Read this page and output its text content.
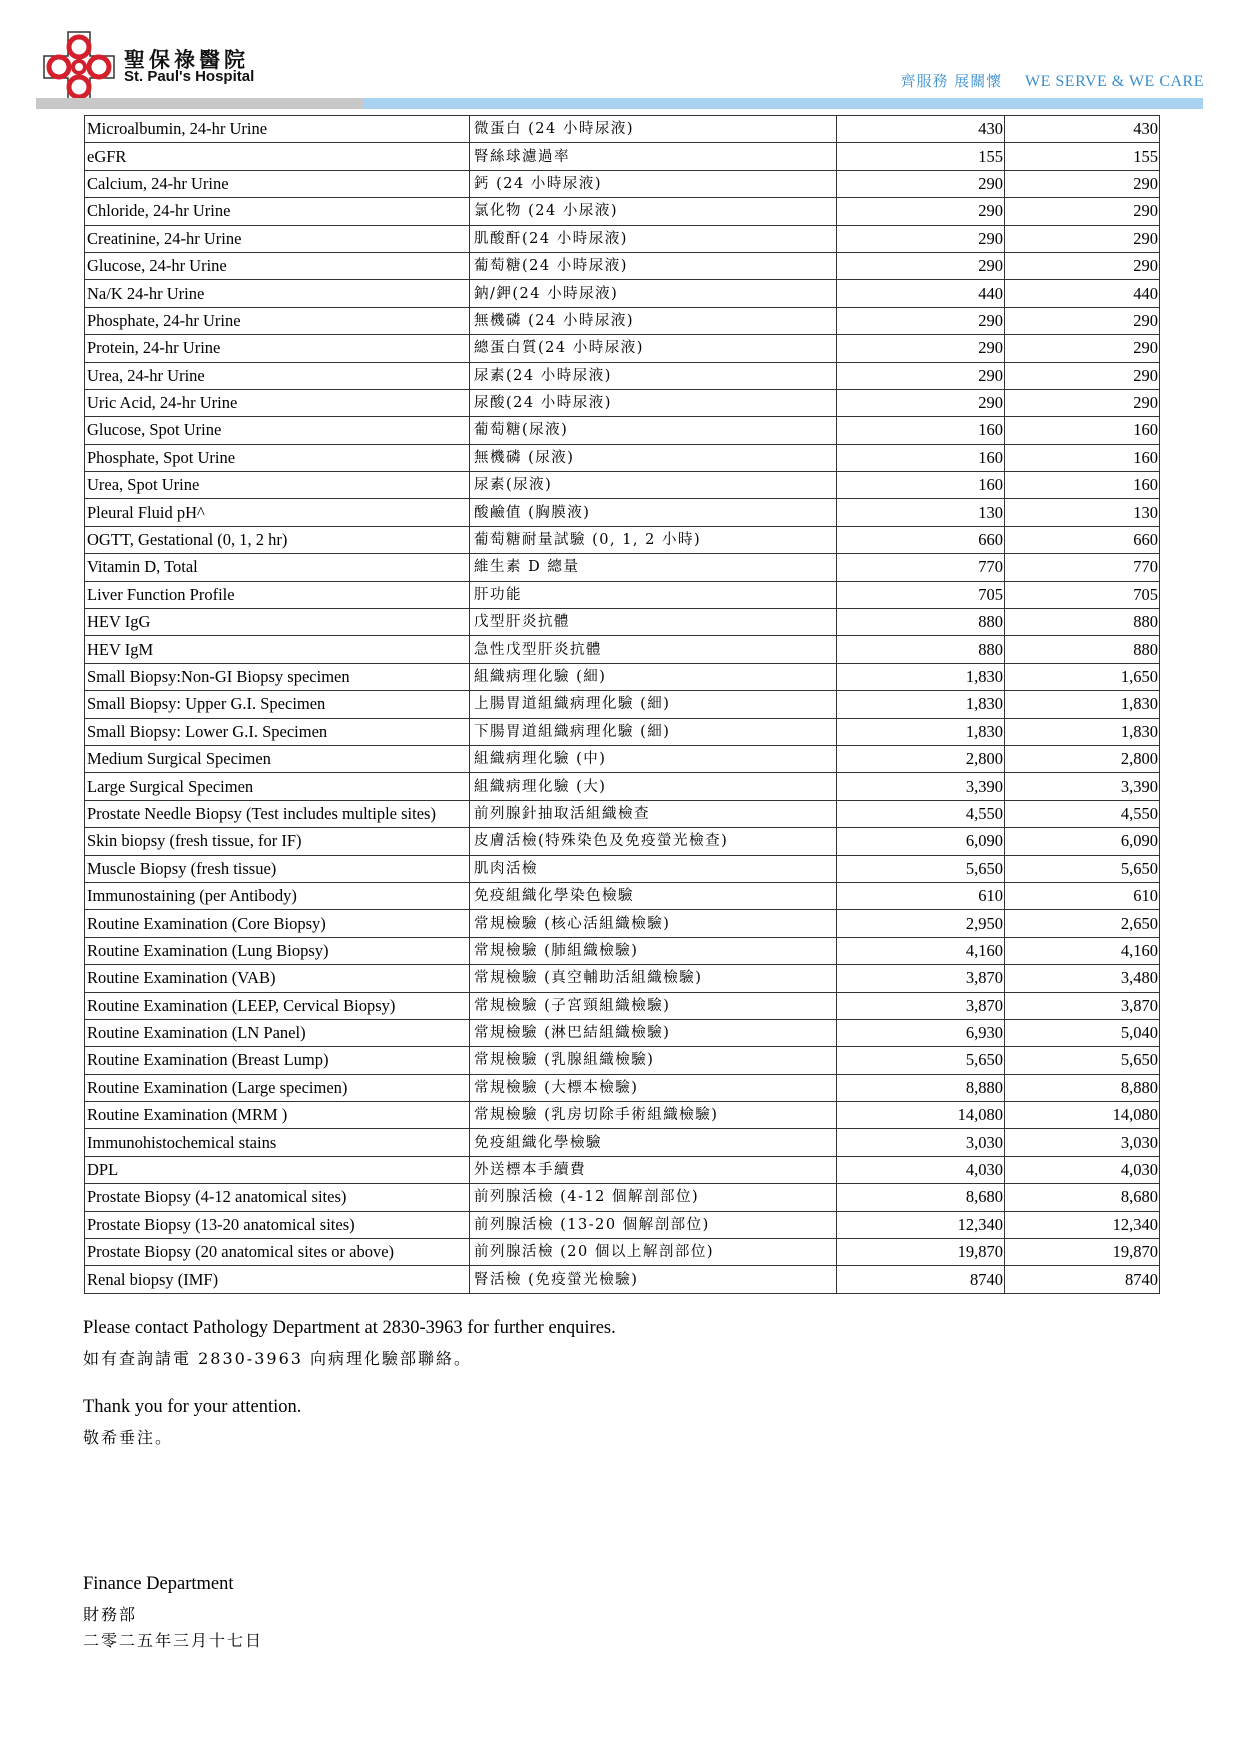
聖保祿醫院
St. Paul's Hospital	齊服務 展關懷 WE SERVE & WE CARE
Microalbumin, 24-hr Urine	微蛋白 (24 小時尿液)	430	430
eGFR	腎絲球濾過率	155	155
Calcium, 24-hr Urine	鈣 (24 小時尿液)	290	290
Chloride, 24-hr Urine	氯化物 (24 小尿液)	290	290
Creatinine, 24-hr Urine	肌酸酐(24 小時尿液)	290	290
Glucose, 24-hr Urine	葡萄糖(24 小時尿液)	290	290
Na/K 24-hr Urine	鈉/鉀(24 小時尿液)	440	440
Phosphate, 24-hr Urine	無機磷 (24 小時尿液)	290	290
Protein, 24-hr Urine	總蛋白質(24 小時尿液)	290	290
Urea, 24-hr Urine	尿素(24 小時尿液)	290	290
Uric Acid, 24-hr Urine	尿酸(24 小時尿液)	290	290
Glucose, Spot Urine	葡萄糖(尿液)	160	160
Phosphate, Spot Urine	無機磷 (尿液)	160	160
Urea, Spot Urine	尿素(尿液)	160	160
Pleural Fluid pH^	酸鹼值 (胸膜液)	130	130
OGTT, Gestational (0, 1, 2 hr)	葡萄糖耐量試驗 (0, 1, 2 小時)	660	660
Vitamin D, Total	維生素 D 總量	770	770
Liver Function Profile	肝功能	705	705
HEV IgG	戊型肝炎抗體	880	880
HEV IgM	急性戊型肝炎抗體	880	880
Small Biopsy:Non-GI Biopsy specimen	組織病理化驗 (細)	1,830	1,650
Small Biopsy: Upper G.I. Specimen	上腸胃道組織病理化驗 (細)	1,830	1,830
Small Biopsy: Lower G.I. Specimen	下腸胃道組織病理化驗 (細)	1,830	1,830
Medium Surgical Specimen	組織病理化驗 (中)	2,800	2,800
Large Surgical Specimen	組織病理化驗 (大)	3,390	3,390
Prostate Needle Biopsy (Test includes multiple sites)	前列腺針抽取活組織檢查	4,550	4,550
Skin biopsy (fresh tissue, for IF)	皮膚活檢(特殊染色及免疫螢光檢查)	6,090	6,090
Muscle Biopsy (fresh tissue)	肌肉活檢	5,650	5,650
Immunostaining (per Antibody)	免疫組織化學染色檢驗	610	610
Routine Examination (Core Biopsy)	常規檢驗 (核心活組織檢驗)	2,950	2,650
Routine Examination (Lung Biopsy)	常規檢驗 (肺組織檢驗)	4,160	4,160
Routine Examination (VAB)	常規檢驗 (真空輔助活組織檢驗)	3,870	3,480
Routine Examination (LEEP, Cervical Biopsy)	常規檢驗 (子宮頸組織檢驗)	3,870	3,870
Routine Examination (LN Panel)	常規檢驗 (淋巴結組織檢驗)	6,930	5,040
Routine Examination (Breast Lump)	常規檢驗 (乳腺組織檢驗)	5,650	5,650
Routine Examination (Large specimen)	常規檢驗 (大標本檢驗)	8,880	8,880
Routine Examination (MRM )	常規檢驗 (乳房切除手術組織檢驗)	14,080	14,080
Immunohistochemical stains	免疫組織化學檢驗	3,030	3,030
DPL	外送標本手續費	4,030	4,030
Prostate Biopsy (4-12 anatomical sites)	前列腺活檢 (4-12 個解剖部位)	8,680	8,680
Prostate Biopsy (13-20 anatomical sites)	前列腺活檢 (13-20 個解剖部位)	12,340	12,340
Prostate Biopsy (20 anatomical sites or above)	前列腺活檢 (20 個以上解剖部位)	19,870	19,870
Renal biopsy (IMF)	腎活檢 (免疫螢光檢驗)	8740	8740
Please contact Pathology Department at 2830-3963 for further enquires.
如有查詢請電 2830-3963 向病理化驗部聯絡。
Thank you for your attention.
敬希垂注。
Finance Department
財務部
二零二五年三月十七日
